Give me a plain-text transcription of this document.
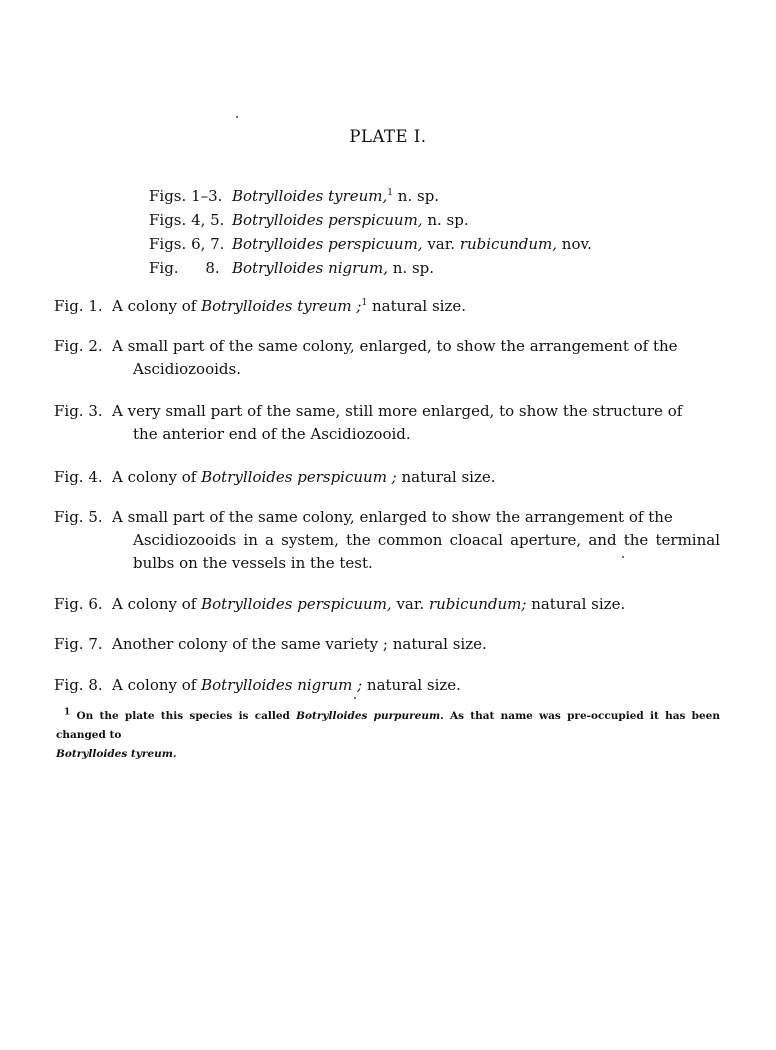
PLATE I.
Figs. 1–3. Botrylloides tyreum,$^1$ n. sp.
Figs. 4, 5. Botrylloides perspicuum, n. sp.
Figs. 6, 7. Botrylloides perspicuum, var. rubicundum, nov.
Fig. 8. Botrylloides nigrum, n. sp.
Fig. 1. A colony of Botrylloides tyreum ;$^1$ natural size.
Fig. 2. A small part of the same colony, enlarged, to show the arrangement of the
Ascidiozooids.
Fig. 3. A very small part of the same, still more enlarged, to show the structure of
the anterior end of the Ascidiozooid.
Fig. 4. A colony of Botrylloides perspicuum ; natural size.
Fig. 5. A small part of the same colony, enlarged to show the arrangement of the
Ascidiozooids in a system, the common cloacal aperture, and the terminal
bulbs on the vessels in the test.
Fig. 6. A colony of Botrylloides perspicuum, var. rubicundum; natural size.
Fig. 7. Another colony of the same variety ; natural size.
Fig. 8. A colony of Botrylloides nigrum ; natural size.
$^1$ On the plate this species is called Botrylloides purpureum. As that name was pre-occupied it has been changed to
Botrylloides tyreum.
